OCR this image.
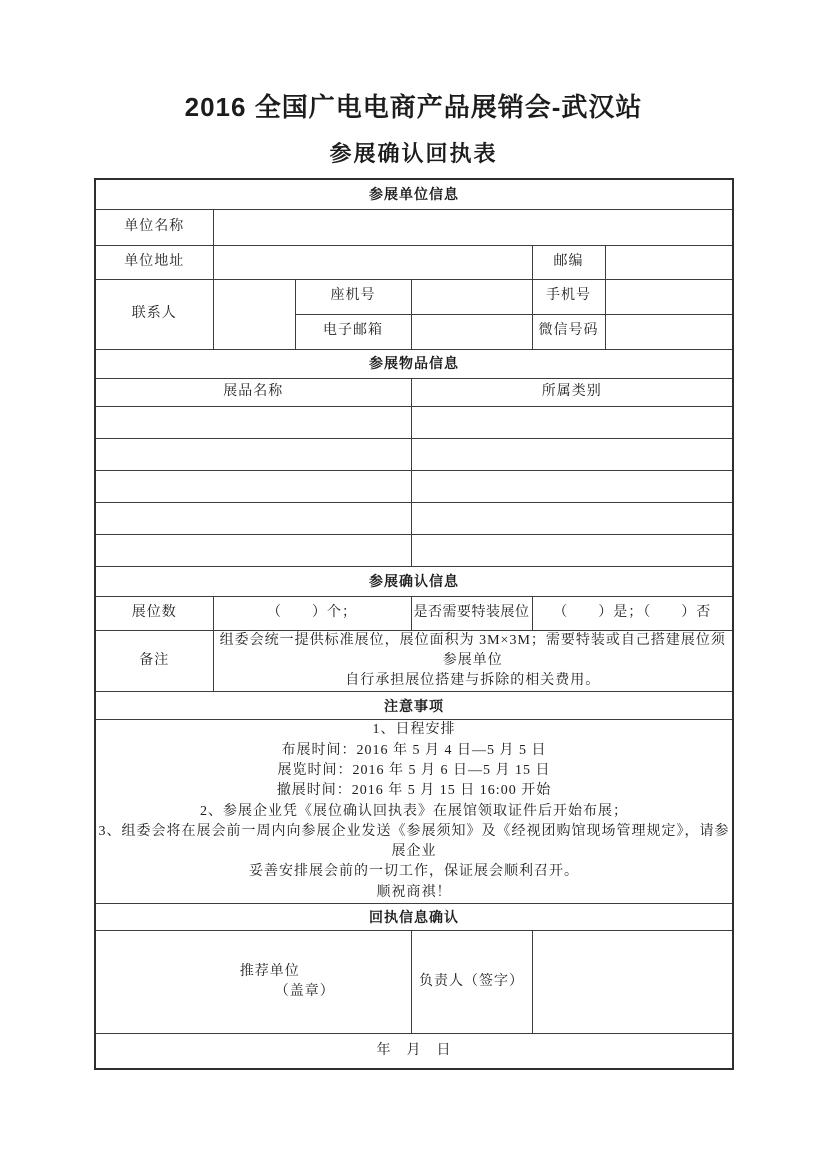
2016 全国广电电商产品展销会-武汉站
参展确认回执表
参展单位信息					
单位名称					
单位地址				邮编	
联系人		座机号		手机号	
		电子邮箱		微信号码	
参展物品信息					
展品名称			所属类别		

参展确认信息					
展位数	（　　）个；		是否需要特装展位	（　　）是；（　　）否	
备注	组委会统一提供标准展位，展位面积为 3M×3M；需要特装或自己搭建展位须参展单位
自行承担展位搭建与拆除的相关费用。				

注意事项					

1、日程安排
布展时间：2016 年 5 月 4 日—5 月 5 日
展览时间：2016 年 5 月 6 日—5 月 15 日
撤展时间：2016 年 5 月 15 日 16:00 开始
2、参展企业凭《展位确认回执表》在展馆领取证件后开始布展；
3、组委会将在展会前一周内向参展企业发送《参展须知》及《经视团购馆现场管理规定》，请参展企业
妥善安排展会前的一切工作，保证展会顺利召开。
顺祝商祺！

回执信息确认					

推荐单位
（盖章）			负责人（签字）		
年　月　日					
